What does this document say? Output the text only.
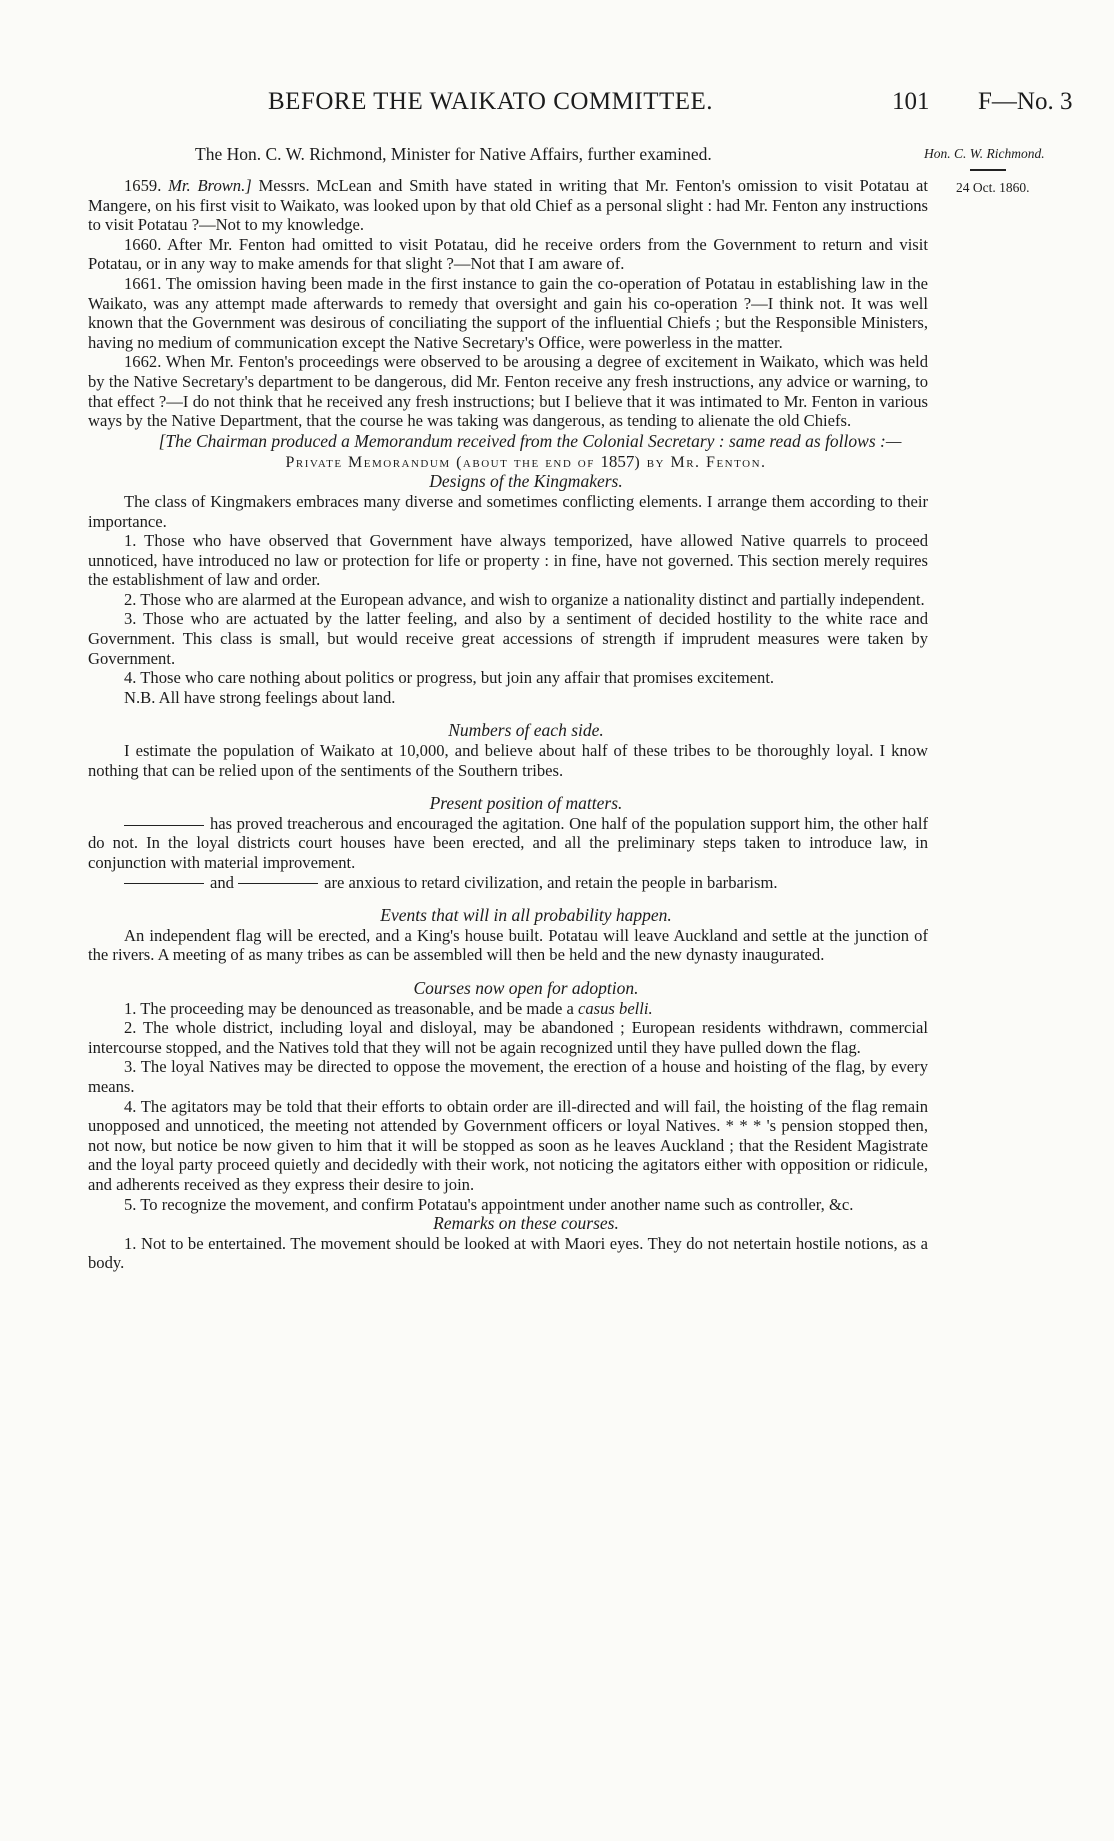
BEFORE THE WAIKATO COMMITTEE.	101 F—No. 3
The Hon. C. W. Richmond, Minister for Native Affairs, further examined.	Hon. C. W. Richmond.
24 Oct. 1860.

1659. Mr. Brown.] Messrs. McLean and Smith have stated in writing that Mr. Fenton's omission to visit Potatau at Mangere, on his first visit to Waikato, was looked upon by that old Chief as a personal slight : had Mr. Fenton any instructions to visit Potatau ?—Not to my knowledge.

1660. After Mr. Fenton had omitted to visit Potatau, did he receive orders from the Government to return and visit Potatau, or in any way to make amends for that slight ?—Not that I am aware of.

1661. The omission having been made in the first instance to gain the co-operation of Potatau in establishing law in the Waikato, was any attempt made afterwards to remedy that oversight and gain his co-operation ?—I think not. It was well known that the Government was desirous of conciliating the support of the influential Chiefs ; but the Responsible Ministers, having no medium of communication except the Native Secretary's Office, were powerless in the matter.

1662. When Mr. Fenton's proceedings were observed to be arousing a degree of excitement in Waikato, which was held by the Native Secretary's department to be dangerous, did Mr. Fenton receive any fresh instructions, any advice or warning, to that effect ?—I do not think that he received any fresh instructions; but I believe that it was intimated to Mr. Fenton in various ways by the Native Department, that the course he was taking was dangerous, as tending to alienate the old Chiefs.

[The Chairman produced a Memorandum received from the Colonial Secretary : same read as follows :—

Private Memorandum (about the end of 1857) by Mr. Fenton.

Designs of the Kingmakers.

The class of Kingmakers embraces many diverse and sometimes conflicting elements. I arrange them according to their importance.

1. Those who have observed that Government have always temporized, have allowed Native quarrels to proceed unnoticed, have introduced no law or protection for life or property : in fine, have not governed. This section merely requires the establishment of law and order.

2. Those who are alarmed at the European advance, and wish to organize a nationality distinct and partially independent.

3. Those who are actuated by the latter feeling, and also by a sentiment of decided hostility to the white race and Government. This class is small, but would receive great accessions of strength if imprudent measures were taken by Government.

4. Those who care nothing about politics or progress, but join any affair that promises excitement.

N.B. All have strong feelings about land.

Numbers of each side.

I estimate the population of Waikato at 10,000, and believe about half of these tribes to be thoroughly loyal. I know nothing that can be relied upon of the sentiments of the Southern tribes.

Present position of matters.

has proved treacherous and encouraged the agitation. One half of the population support him, the other half do not. In the loyal districts court houses have been erected, and all the preliminary steps taken to introduce law, in conjunction with material improvement.

and	are anxious to retard civilization, and retain the people in barbarism.

Events that will in all probability happen.

An independent flag will be erected, and a King's house built. Potatau will leave Auckland and settle at the junction of the rivers. A meeting of as many tribes as can be assembled will then be held and the new dynasty inaugurated.

Courses now open for adoption.

1. The proceeding may be denounced as treasonable, and be made a casus belli.

2. The whole district, including loyal and disloyal, may be abandoned ; European residents withdrawn, commercial intercourse stopped, and the Natives told that they will not be again recognized until they have pulled down the flag.

3. The loyal Natives may be directed to oppose the movement, the erection of a house and hoisting of the flag, by every means.

4. The agitators may be told that their efforts to obtain order are ill-directed and will fail, the hoisting of the flag remain unopposed and unnoticed, the meeting not attended by Government officers or loyal Natives. * * * 's pension stopped then, not now, but notice be now given to him that it will be stopped as soon as he leaves Auckland ; that the Resident Magistrate and the loyal party proceed quietly and decidedly with their work, not noticing the agitators either with opposition or ridicule, and adherents received as they express their desire to join.

5. To recognize the movement, and confirm Potatau's appointment under another name such as controller, &c.

Remarks on these courses.

1. Not to be entertained. The movement should be looked at with Maori eyes. They do not netertain hostile notions, as a body.
